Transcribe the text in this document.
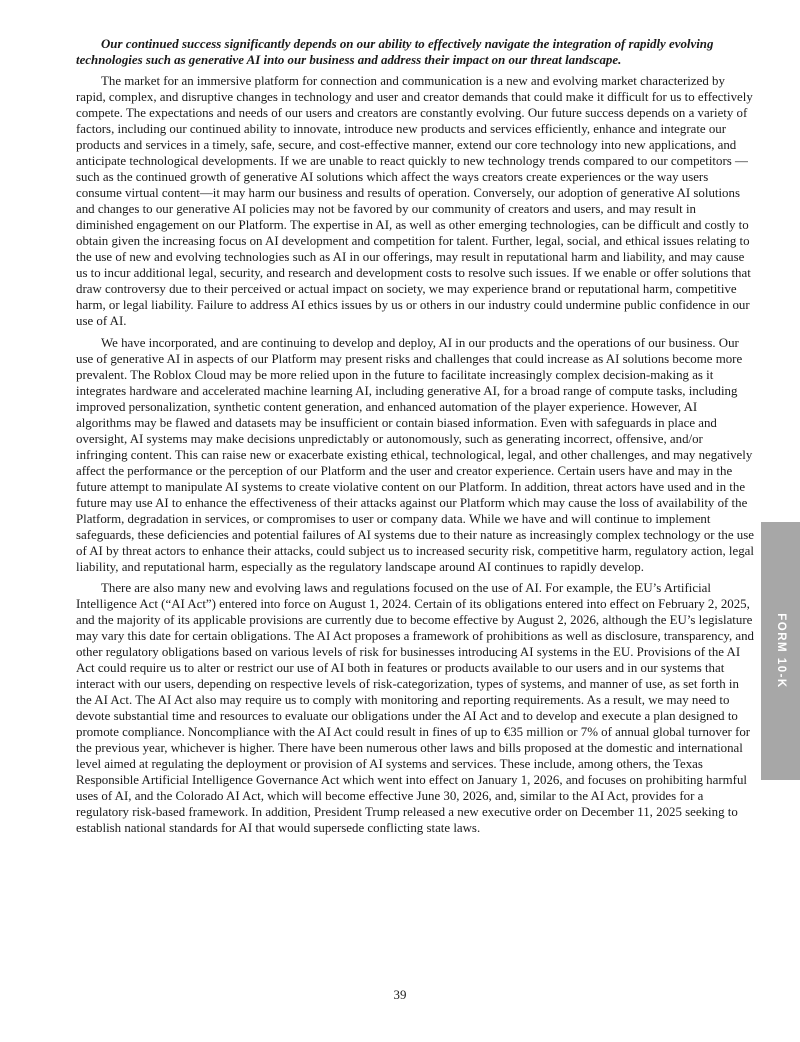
Our continued success significantly depends on our ability to effectively navigate the integration of rapidly evolving technologies such as generative AI into our business and address their impact on our threat landscape.

The market for an immersive platform for connection and communication is a new and evolving market characterized by rapid, complex, and disruptive changes in technology and user and creator demands that could make it difficult for us to effectively compete. The expectations and needs of our users and creators are constantly evolving. Our future success depends on a variety of factors, including our continued ability to innovate, introduce new products and services efficiently, enhance and integrate our products and services in a timely, safe, secure, and cost-effective manner, extend our core technology into new applications, and anticipate technological developments. If we are unable to react quickly to new technology trends compared to our competitors —such as the continued growth of generative AI solutions which affect the ways creators create experiences or the way users consume virtual content—it may harm our business and results of operation. Conversely, our adoption of generative AI solutions and changes to our generative AI policies may not be favored by our community of creators and users, and may result in diminished engagement on our Platform. The expertise in AI, as well as other emerging technologies, can be difficult and costly to obtain given the increasing focus on AI development and competition for talent. Further, legal, social, and ethical issues relating to the use of new and evolving technologies such as AI in our offerings, may result in reputational harm and liability, and may cause us to incur additional legal, security, and research and development costs to resolve such issues. If we enable or offer solutions that draw controversy due to their perceived or actual impact on society, we may experience brand or reputational harm, competitive harm, or legal liability. Failure to address AI ethics issues by us or others in our industry could undermine public confidence in our use of AI.

We have incorporated, and are continuing to develop and deploy, AI in our products and the operations of our business. Our use of generative AI in aspects of our Platform may present risks and challenges that could increase as AI solutions become more prevalent. The Roblox Cloud may be more relied upon in the future to facilitate increasingly complex decision-making as it integrates hardware and accelerated machine learning AI, including generative AI, for a broad range of compute tasks, including improved personalization, synthetic content generation, and enhanced automation of the player experience. However, AI algorithms may be flawed and datasets may be insufficient or contain biased information. Even with safeguards in place and oversight, AI systems may make decisions unpredictably or autonomously, such as generating incorrect, offensive, and/or infringing content. This can raise new or exacerbate existing ethical, technological, legal, and other challenges, and may negatively affect the performance or the perception of our Platform and the user and creator experience. Certain users have and may in the future attempt to manipulate AI systems to create violative content on our Platform. In addition, threat actors have used and in the future may use AI to enhance the effectiveness of their attacks against our Platform which may cause the loss of availability of the Platform, degradation in services, or compromises to user or company data. While we have and will continue to implement safeguards, these deficiencies and potential failures of AI systems due to their nature as increasingly complex technology or the use of AI by threat actors to enhance their attacks, could subject us to increased security risk, competitive harm, regulatory action, legal liability, and reputational harm, especially as the regulatory landscape around AI continues to rapidly develop.

There are also many new and evolving laws and regulations focused on the use of AI. For example, the EU’s Artificial Intelligence Act (“AI Act”) entered into force on August 1, 2024. Certain of its obligations entered into effect on February 2, 2025, and the majority of its applicable provisions are currently due to become effective by August 2, 2026, although the EU’s legislature may vary this date for certain obligations. The AI Act proposes a framework of prohibitions as well as disclosure, transparency, and other regulatory obligations based on various levels of risk for businesses introducing AI systems in the EU. Provisions of the AI Act could require us to alter or restrict our use of AI both in features or products available to our users and in our systems that interact with our users, depending on respective levels of risk-categorization, types of systems, and manner of use, as set forth in the AI Act. The AI Act also may require us to comply with monitoring and reporting requirements. As a result, we may need to devote substantial time and resources to evaluate our obligations under the AI Act and to develop and execute a plan designed to promote compliance. Noncompliance with the AI Act could result in fines of up to €35 million or 7% of annual global turnover for the previous year, whichever is higher. There have been numerous other laws and bills proposed at the domestic and international level aimed at regulating the deployment or provision of AI systems and services. These include, among others, the Texas Responsible Artificial Intelligence Governance Act which went into effect on January 1, 2026, and focuses on prohibiting harmful uses of AI, and the Colorado AI Act, which will become effective June 30, 2026, and, similar to the AI Act, provides for a regulatory risk-based framework. In addition, President Trump released a new executive order on December 11, 2025 seeking to establish national standards for AI that would supersede conflicting state laws.

FORM 10-K
39
